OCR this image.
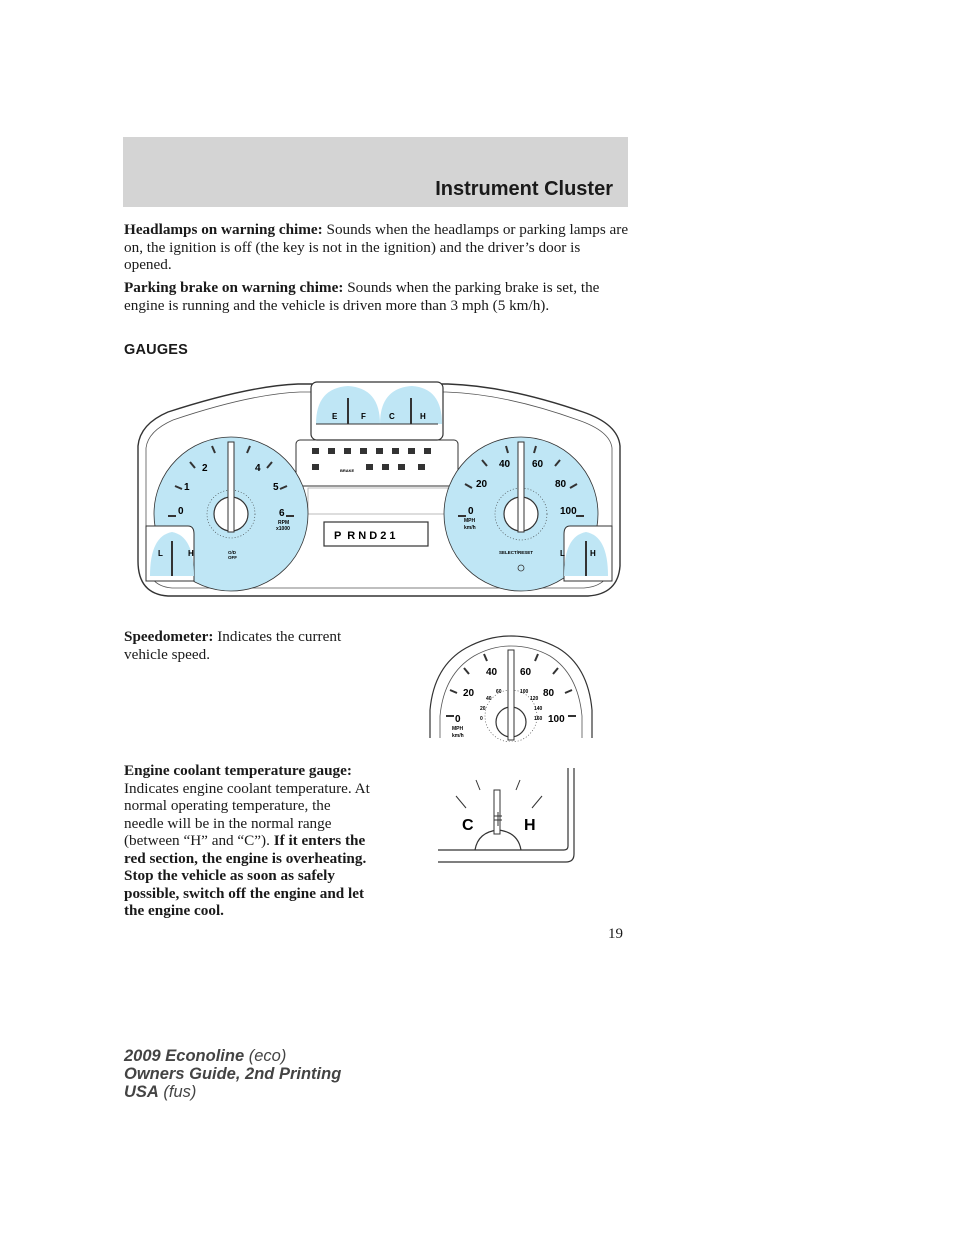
Instrument Cluster

Headlamps on warning chime: Sounds when the headlamps or parking lamps are on, the ignition is off (the key is not in the ignition) and the driver’s door is opened.

Parking brake on warning chime: Sounds when the parking brake is set, the engine is running and the vehicle is driven more than 3 mph (5 km/h).

GAUGES
E	F	C	H
BRAKE
P  R N D 2 1
0
1
2	4
5
6
RPM
x1000
O/D
OFF
L	H
0
20
40 60
80
100
MPH
km/h
SELECT/RESET	L	H

Speedometer: Indicates the current vehicle speed.

0
20
40 60
80
100
MPH
km/h
0
20
40
60	100
120
140
160

Engine coolant temperature gauge: Indicates engine coolant temperature. At normal operating temperature, the needle will be in the normal range (between “H” and “C”). If it enters the red section, the engine is overheating. Stop the vehicle as soon as safely possible, switch off the engine and let the engine cool.

C	H
19
2009 Econoline (eco)
Owners Guide, 2nd Printing
USA (fus)
